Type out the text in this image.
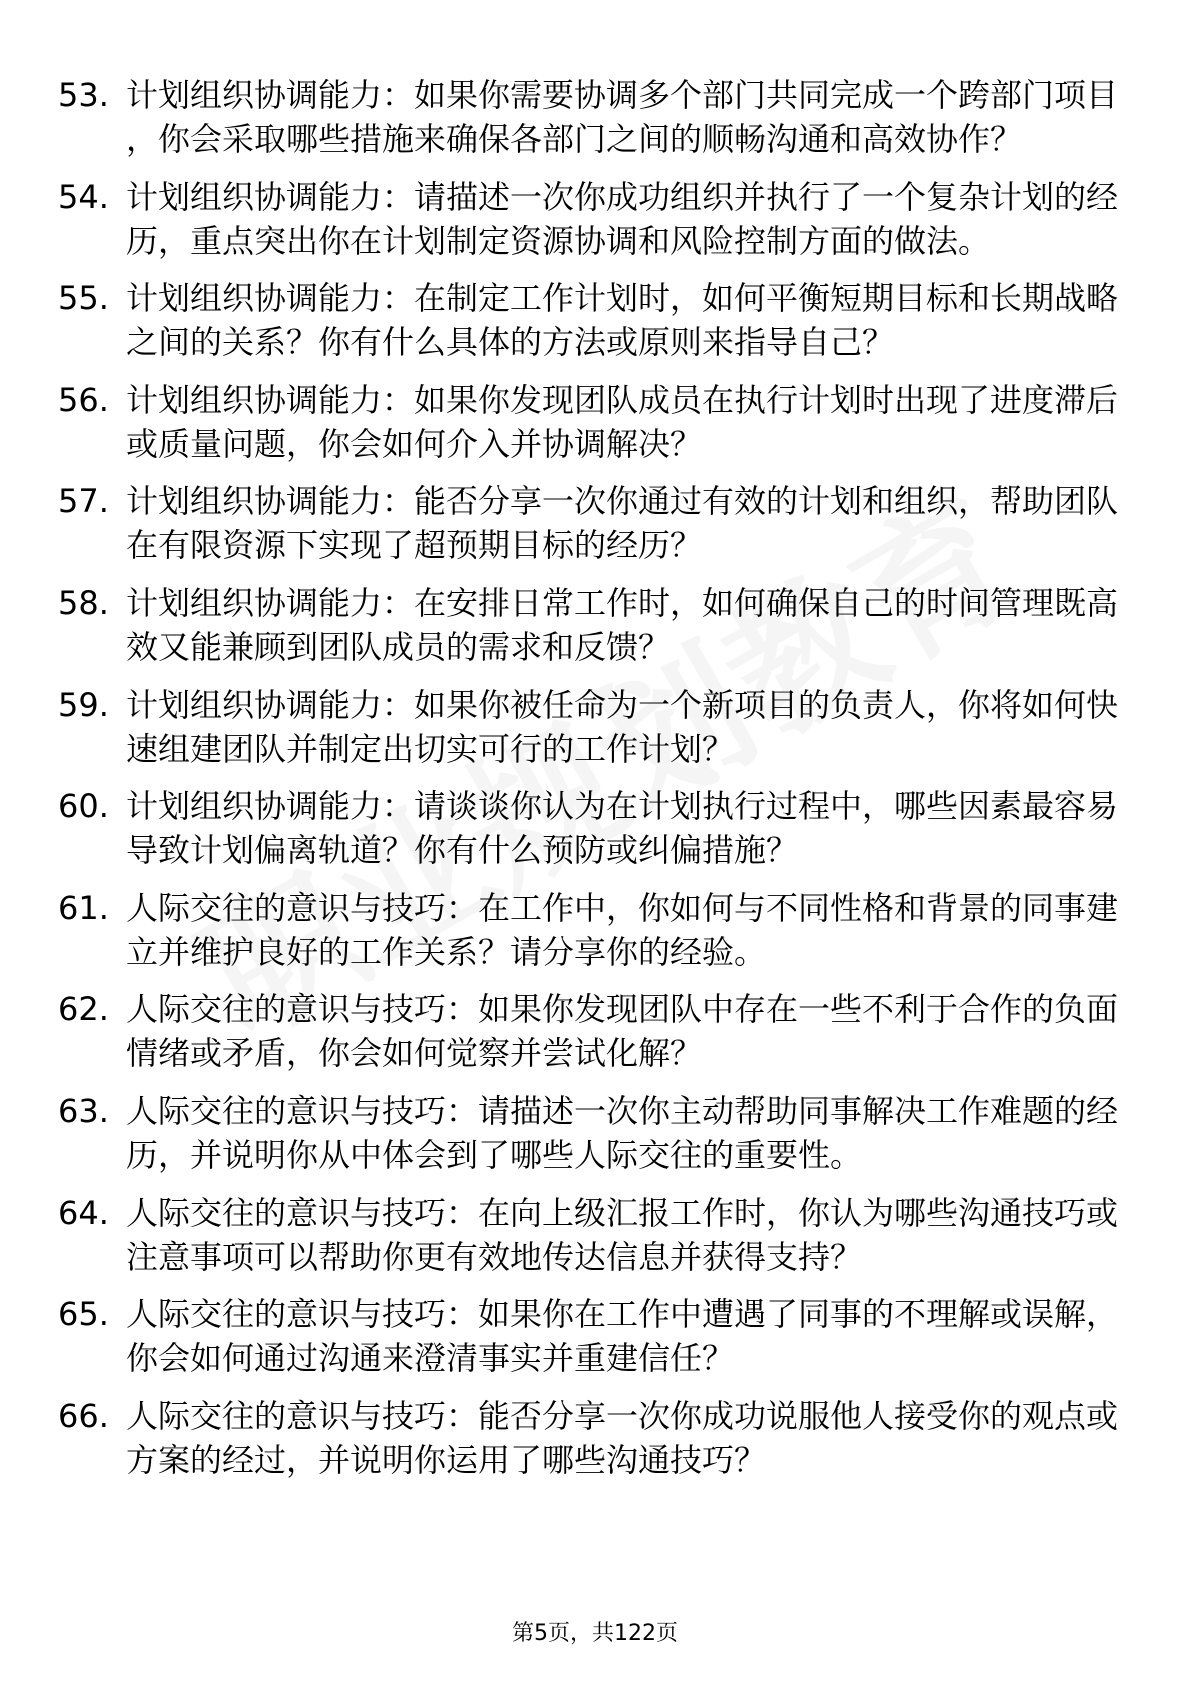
53. 计划组织协调能力：如果你需要协调多个部门共同完成一个跨部门项目，你会采取哪些措施来确保各部门之间的顺畅沟通和高效协作？
54. 计划组织协调能力：请描述一次你成功组织并执行了一个复杂计划的经历，重点突出你在计划制定资源协调和风险控制方面的做法。
55. 计划组织协调能力：在制定工作计划时，如何平衡短期目标和长期战略之间的关系？你有什么具体的方法或原则来指导自己？
56. 计划组织协调能力：如果你发现团队成员在执行计划时出现了进度滞后或质量问题，你会如何介入并协调解决？
57. 计划组织协调能力：能否分享一次你通过有效的计划和组织，帮助团队在有限资源下实现了超预期目标的经历？
58. 计划组织协调能力：在安排日常工作时，如何确保自己的时间管理既高效又能兼顾到团队成员的需求和反馈？
59. 计划组织协调能力：如果你被任命为一个新项目的负责人，你将如何快速组建团队并制定出切实可行的工作计划？
60. 计划组织协调能力：请谈谈你认为在计划执行过程中，哪些因素最容易导致计划偏离轨道？你有什么预防或纠偏措施？
61. 人际交往的意识与技巧：在工作中，你如何与不同性格和背景的同事建立并维护良好的工作关系？请分享你的经验。
62. 人际交往的意识与技巧：如果你发现团队中存在一些不利于合作的负面情绪或矛盾，你会如何觉察并尝试化解？
63. 人际交往的意识与技巧：请描述一次你主动帮助同事解决工作难题的经历，并说明你从中体会到了哪些人际交往的重要性。
64. 人际交往的意识与技巧：在向上级汇报工作时，你认为哪些沟通技巧或注意事项可以帮助你更有效地传达信息并获得支持？
65. 人际交往的意识与技巧：如果你在工作中遭遇了同事的不理解或误解，你会如何通过沟通来澄清事实并重建信任？
66. 人际交往的意识与技巧：能否分享一次你成功说服他人接受你的观点或方案的经过，并说明你运用了哪些沟通技巧？
第5页，共122页
